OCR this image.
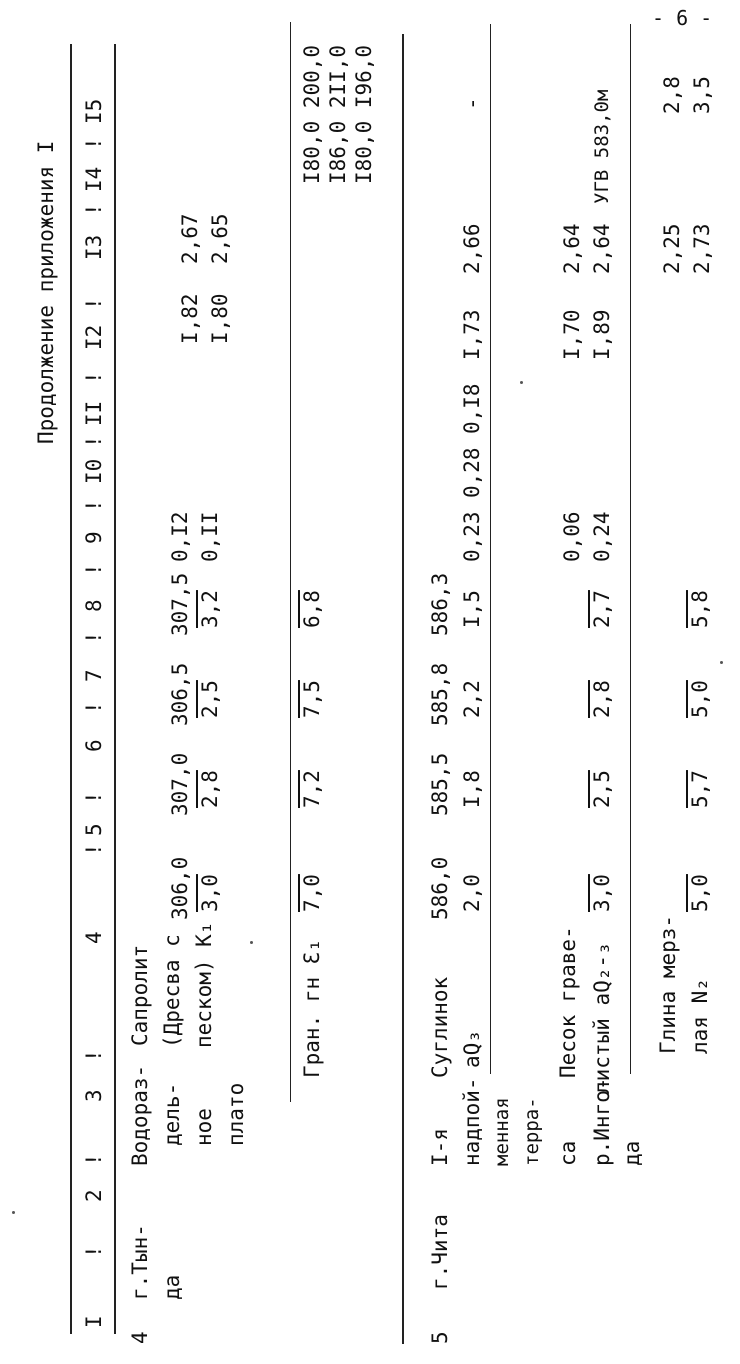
- 6 -
Продолжение приложения I
I
!
2
!
3
!
4
!
5
!
6
!
7
!
8
!
9
!
I0
!
II
!
I2
!
I3
!
I4
!
I5
4
г.Тын- да
Водораз- дель- ное плато
Сапролит (Дресва с песком) K₁
306,0
307,0
306,5
307,5
3,0
2,8
2,5
3,2
0,I2 0,II
I,82 I,80
2,67 2,65
Гран. гн Ɛ₁
7,0
7,2
7,5
6,8
I80,0 200,0 I86,0 2II,0 I80,0 I96,0
5
г.Чита
I-я надпой- менная терра- са р.Инго- да
Суглинок aQ₃
586,0
585,5
585,8
586,3
2,0
I,8
2,2
I,5
0,23
0,28
0,I8
I,73
2,66
-
Песок граве- листый aQ₂-₃
3,0
2,5
2,8
2,7
0,06 0,24
I,70 I,89
2,64 2,64
УГВ 583,0м
Глина мерз- лая N₂
5,0
5,7
5,0
5,8
2,25 2,73
2,8 3,5
